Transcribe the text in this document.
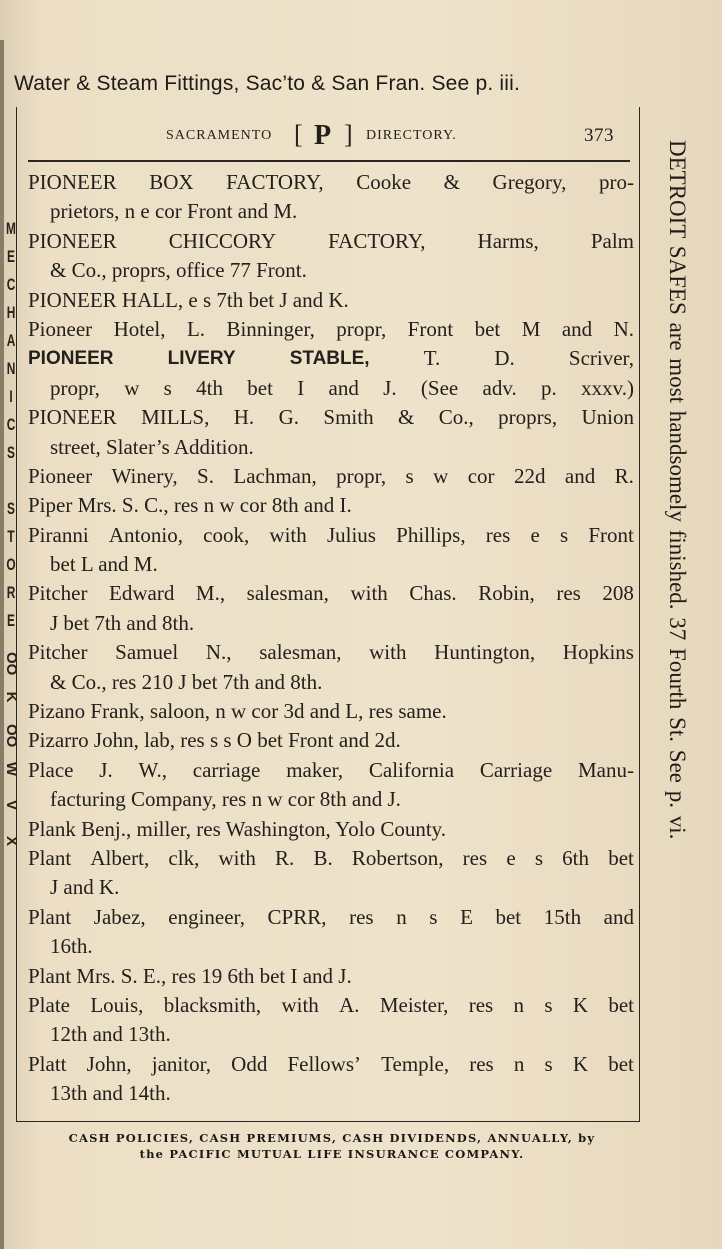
Water & Steam Fittings, Sac’to & San Fran. See p. iii.
SACRAMENTO [ P ] DIRECTORY.	373
PIONEER BOX FACTORY, Cooke & Gregory, pro-
prietors, n e cor Front and M.
PIONEER CHICCORY FACTORY, Harms, Palm
& Co., proprs, office 77 Front.
PIONEER HALL, e s 7th bet J and K.
Pioneer Hotel, L. Binninger, propr, Front bet M and N.
PIONEER	LIVERY	STABLE,	T.	D.	Scriver,
propr, w s 4th bet I and J. (See adv. p. xxxv.)
PIONEER MILLS, H. G. Smith & Co., proprs, Union
street, Slater’s Addition.
Pioneer Winery, S. Lachman, propr, s w cor 22d and R.
Piper Mrs. S. C., res n w cor 8th and I.
Piranni Antonio, cook, with Julius Phillips, res e s Front
bet L and M.
Pitcher Edward M., salesman, with Chas. Robin, res 208
J bet 7th and 8th.
Pitcher Samuel N., salesman, with Huntington, Hopkins
& Co., res 210 J bet 7th and 8th.
Pizano Frank, saloon, n w cor 3d and L, res same.
Pizarro John, lab, res s s O bet Front and 2d.
Place J. W., carriage maker, California Carriage Manu-
facturing Company, res n w cor 8th and J.
Plank Benj., miller, res Washington, Yolo County.
Plant Albert, clk, with R. B. Robertson, res e s 6th bet
J and K.
Plant Jabez, engineer, CPRR, res n s E bet 15th and
16th.
Plant Mrs. S. E., res 19 6th bet I and J.
Plate Louis, blacksmith, with A. Meister, res n s K bet
12th and 13th.
Platt John, janitor, Odd Fellows’ Temple, res n s K bet
13th and 14th.
DETROIT SAFES are most handsomely finished. 37 Fourth St. See p. vi.
M
E
C
H
A
N
I
C
S
S
T
O
R
E
OO
K
OO
W
V
X
CASH POLICIES, CASH PREMIUMS, CASH DIVIDENDS, ANNUALLY, by
the PACIFIC MUTUAL LIFE INSURANCE COMPANY.
